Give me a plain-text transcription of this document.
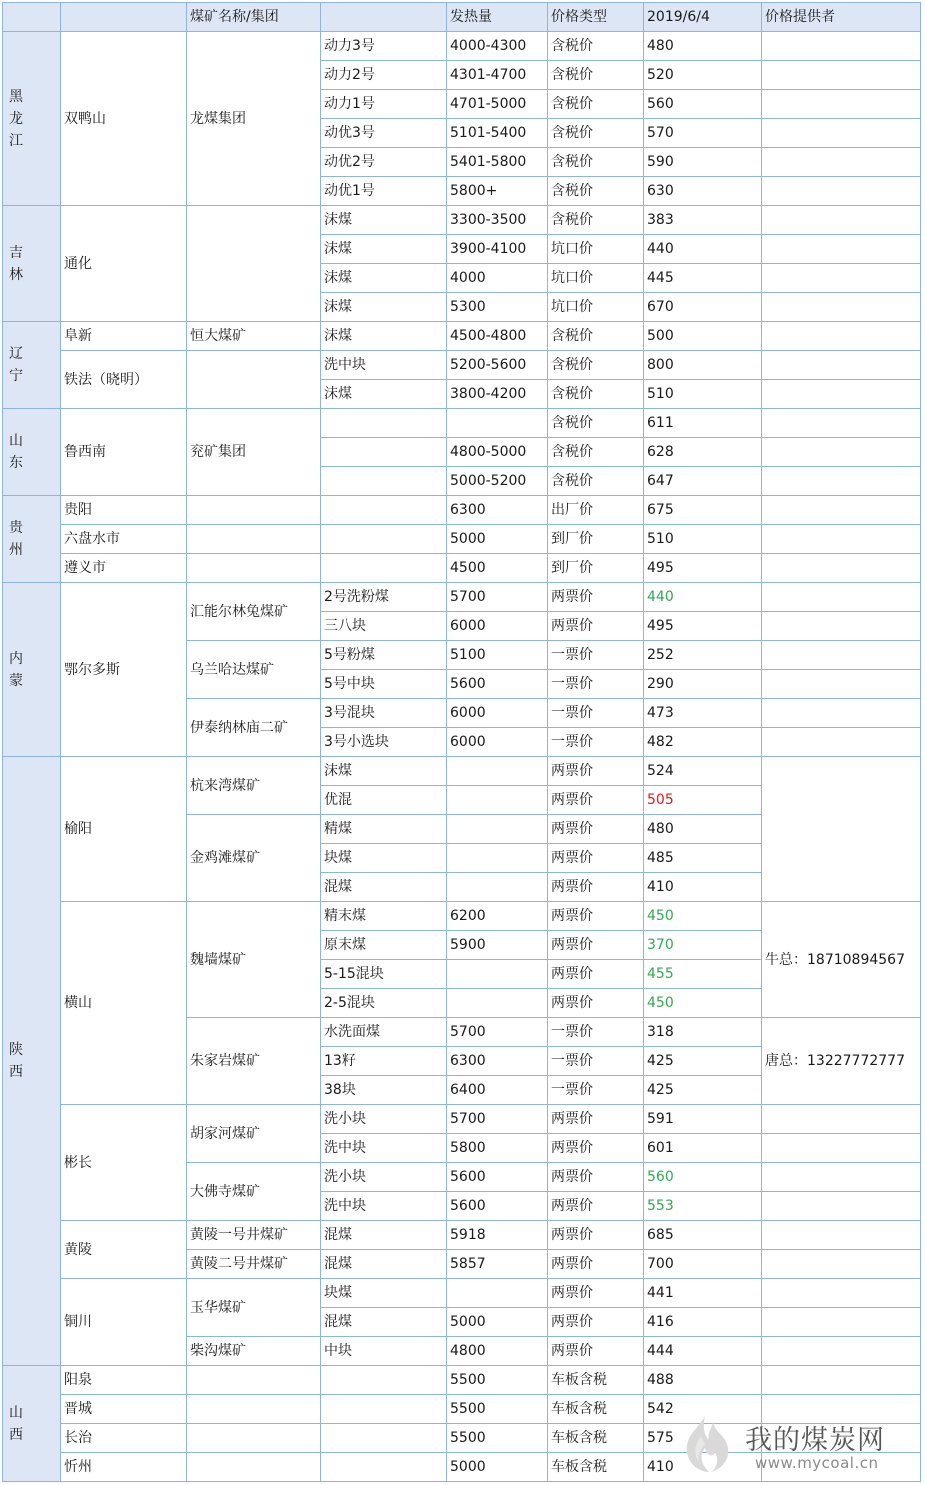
		煤矿名称/集团		发热量	价格类型	2019/6/4	价格提供者
黑龙江	双鸭山	龙煤集团	动力3号	4000-4300	含税价	480	
			动力2号	4301-4700	含税价	520	
			动力1号	4701-5000	含税价	560	
			动优3号	5101-5400	含税价	570	
			动优2号	5401-5800	含税价	590	
			动优1号	5800+	含税价	630	
吉林	通化		沫煤	3300-3500	含税价	383	
			沫煤	3900-4100	坑口价	440	
			沫煤	4000	坑口价	445	
			沫煤	5300	坑口价	670	
辽宁	阜新	恒大煤矿	沫煤	4500-4800	含税价	500	
	铁法（晓明）		洗中块	5200-5600	含税价	800	
			沫煤	3800-4200	含税价	510	
山东	鲁西南	兖矿集团			含税价	611	
				4800-5000	含税价	628	
				5000-5200	含税价	647	
贵州	贵阳			6300	出厂价	675	
	六盘水市			5000	到厂价	510	
	遵义市			4500	到厂价	495	
内蒙	鄂尔多斯	汇能尔林兔煤矿	2号洗粉煤	5700	两票价	440	
			三八块	6000	两票价	495	
		乌兰哈达煤矿	5号粉煤	5100	一票价	252	
			5号中块	5600	一票价	290	
		伊泰纳林庙二矿	3号混块	6000	一票价	473	
			3号小选块	6000	一票价	482	
陕西	榆阳	杭来湾煤矿	沫煤		两票价	524	
			优混		两票价	505	
		金鸡滩煤矿	精煤		两票价	480	
			块煤		两票价	485	
			混煤		两票价	410	
	横山	魏墙煤矿	精末煤	6200	两票价	450	牛总：18710894567
			原末煤	5900	两票价	370	
			5-15混块		两票价	455	
			2-5混块		两票价	450	
		朱家岩煤矿	水洗面煤	5700	一票价	318	唐总：13227772777
			13籽	6300	一票价	425	
			38块	6400	一票价	425	
	彬长	胡家河煤矿	洗小块	5700	两票价	591	
			洗中块	5800	两票价	601	
		大佛寺煤矿	洗小块	5600	两票价	560	
			洗中块	5600	两票价	553	
	黄陵	黄陵一号井煤矿	混煤	5918	两票价	685	
		黄陵二号井煤矿	混煤	5857	两票价	700	
	铜川	玉华煤矿	块煤		两票价	441	
			混煤	5000	两票价	416	
		柴沟煤矿	中块	4800	两票价	444	
山西	阳泉			5500	车板含税	488	
	晋城			5500	车板含税	542	
	长治			5500	车板含税	575	
	忻州			5000	车板含税	410	
我的煤炭网
www.mycoal.cn
